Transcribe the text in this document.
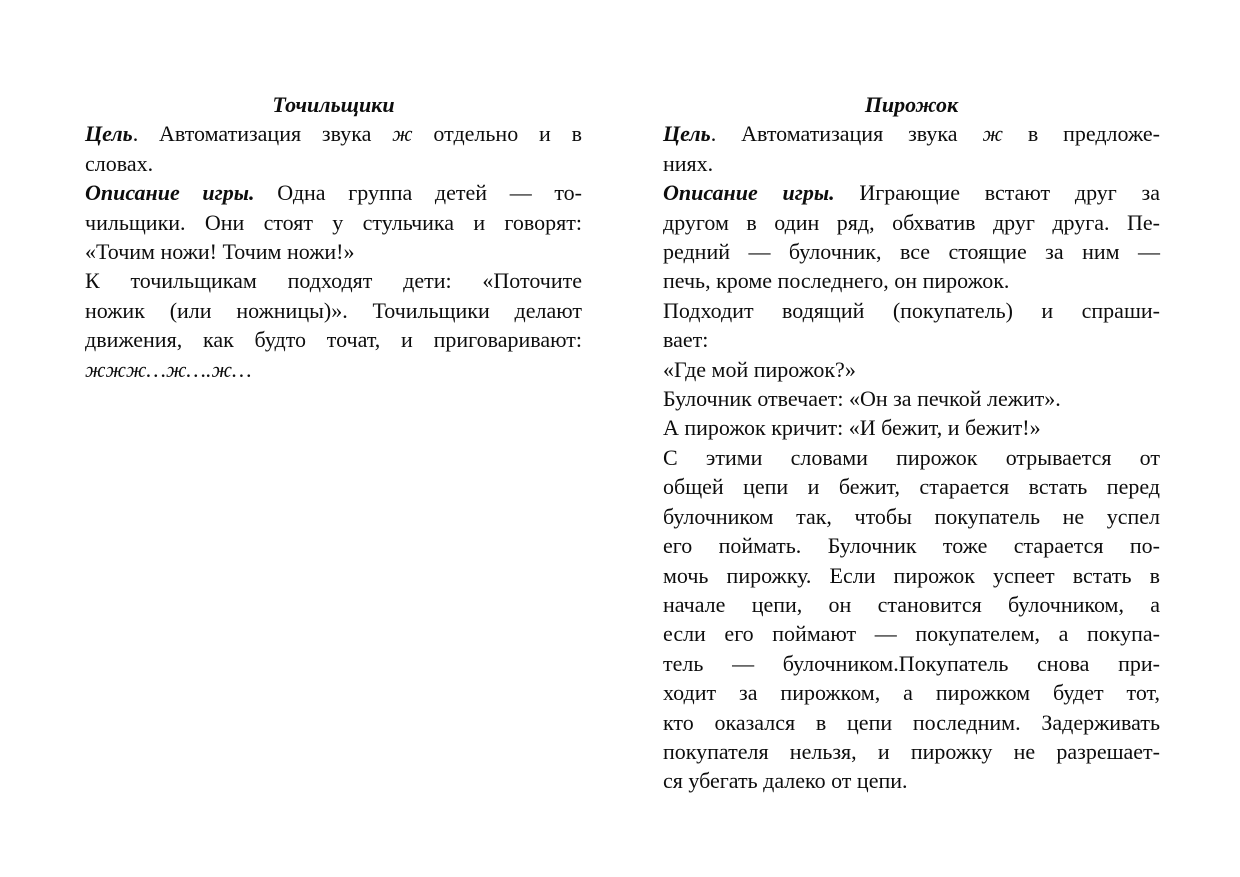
Точильщики
Цель. Автоматизация звука ж отдельно и в
словах.
Описание игры. Одна группа детей — то-
чильщики. Они стоят у стульчика и говорят:
«Точим ножи! Точим ножи!»
К точильщикам подходят дети: «Поточите
ножик (или ножницы)». Точильщики делают
движения, как будто точат, и приговаривают:
жжж…ж….ж…
Пирожок
Цель. Автоматизация звука ж в предложе-
ниях.
Описание игры. Играющие встают друг за
другом в один ряд, обхватив друг друга. Пе-
редний — булочник, все стоящие за ним —
печь, кроме последнего, он пирожок.
Подходит водящий (покупатель) и спраши-
вает:
«Где мой пирожок?»
Булочник отвечает: «Он за печкой лежит».
А пирожок кричит: «И бежит, и бежит!»
С этими словами пирожок отрывается от
общей цепи и бежит, старается встать перед
булочником так, чтобы покупатель не успел
его поймать. Булочник тоже старается по-
мочь пирожку. Если пирожок успеет встать в
начале цепи, он становится булочником, а
если его поймают — покупателем, а покупа-
тель — булочником.Покупатель снова при-
ходит за пирожком, а пирожком будет тот,
кто оказался в цепи последним. Задерживать
покупателя нельзя, и пирожку не разрешает-
ся убегать далеко от цепи.
